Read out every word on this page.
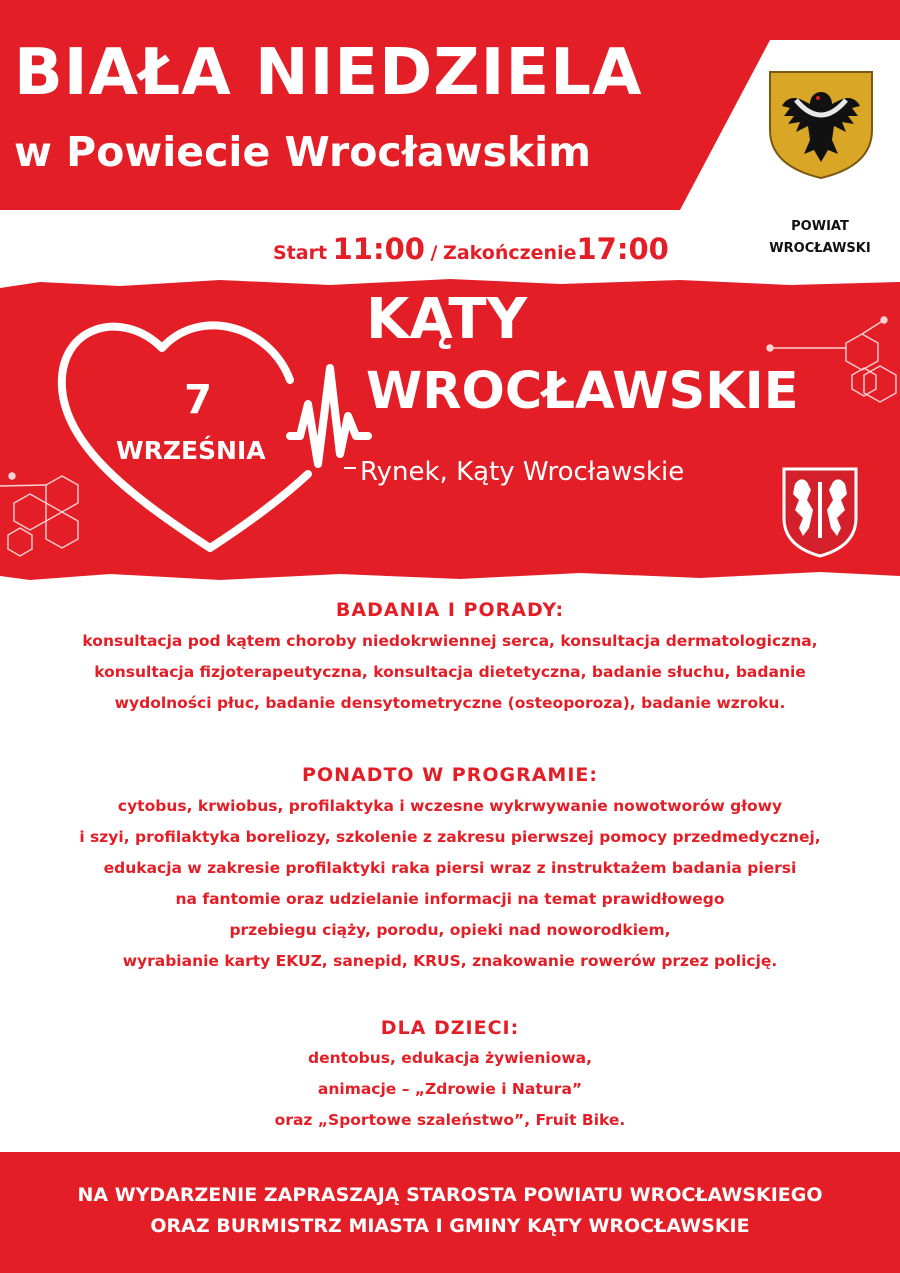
BIAŁA NIEDZIELA
w Powiecie Wrocławskim
POWIAT
WROCŁAWSKI
Start 11:00 / Zakończenie17:00
KĄTY
WROCŁAWSKIE
Rynek, Kąty Wrocławskie
7
WRZEŚNIA
BADANIA I PORADY:

konsultacja pod kątem choroby niedokrwiennej serca, konsultacja dermatologiczna,

konsultacja fizjoterapeutyczna, konsultacja dietetyczna, badanie słuchu, badanie

wydolności płuc, badanie densytometryczne (osteoporoza), badanie wzroku.

PONADTO W PROGRAMIE:

cytobus, krwiobus, profilaktyka i wczesne wykrwywanie nowotworów głowy

i szyi, profilaktyka boreliozy, szkolenie z zakresu pierwszej pomocy przedmedycznej,

edukacja w zakresie profilaktyki raka piersi wraz z instruktażem badania piersi

na fantomie oraz udzielanie informacji na temat prawidłowego

przebiegu ciąży, porodu, opieki nad noworodkiem,

wyrabianie karty EKUZ, sanepid, KRUS, znakowanie rowerów przez policję.

DLA DZIECI:

dentobus, edukacja żywieniowa,

animacje – „Zdrowie i Natura”

oraz „Sportowe szaleństwo”, Fruit Bike.

NA WYDARZENIE ZAPRASZAJĄ STAROSTA POWIATU WROCŁAWSKIEGO

ORAZ BURMISTRZ MIASTA I GMINY KĄTY WROCŁAWSKIE
